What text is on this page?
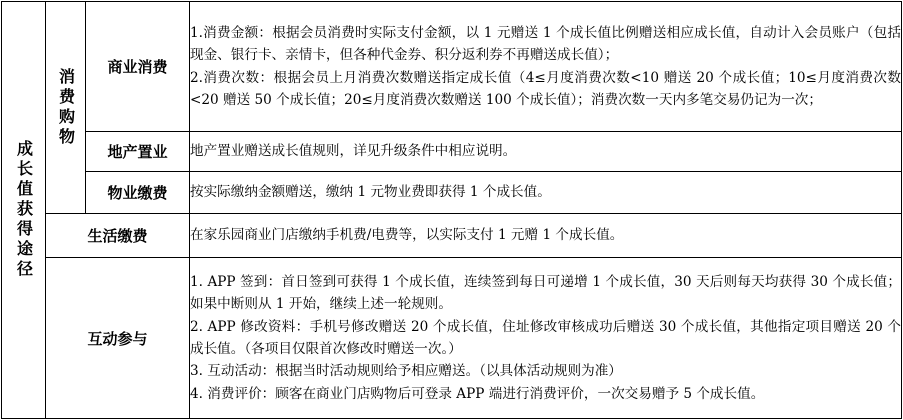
成长值获得途径	消费购物	商业消费	1.消费金额：根据会员消费时实际支付金额，以 1 元赠送 1 个成长值比例赠送相应成长值，自动计入会员账户（包括现金、银行卡、亲情卡，但各种代金券、积分返利券不再赠送成长值）；
2.消费次数：根据会员上月消费次数赠送指定成长值（4≤月度消费次数<10 赠送 20 个成长值；10≤月度消费次数<20 赠送 50 个成长值；20≤月度消费次数赠送 100 个成长值）；消费次数一天内多笔交易仍记为一次；

		地产置业	地产置业赠送成长值规则，详见升级条件中相应说明。

		物业缴费	按实际缴纳金额赠送，缴纳 1 元物业费即获得 1 个成长值。

	生活缴费		在家乐园商业门店缴纳手机费/电费等，以实际支付 1 元赠 1 个成长值。

	互动参与		1. APP 签到：首日签到可获得 1 个成长值，连续签到每日可递增 1 个成长值，30 天后则每天均获得 30 个成长值；如果中断则从 1 开始，继续上述一轮规则。
2. APP 修改资料：手机号修改赠送 20 个成长值，住址修改审核成功后赠送 30 个成长值，其他指定项目赠送 20 个成长值。（各项目仅限首次修改时赠送一次。）
3. 互动活动：根据当时活动规则给予相应赠送。（以具体活动规则为准）
4. 消费评价：顾客在商业门店购物后可登录 APP 端进行消费评价，一次交易赠予 5 个成长值。
